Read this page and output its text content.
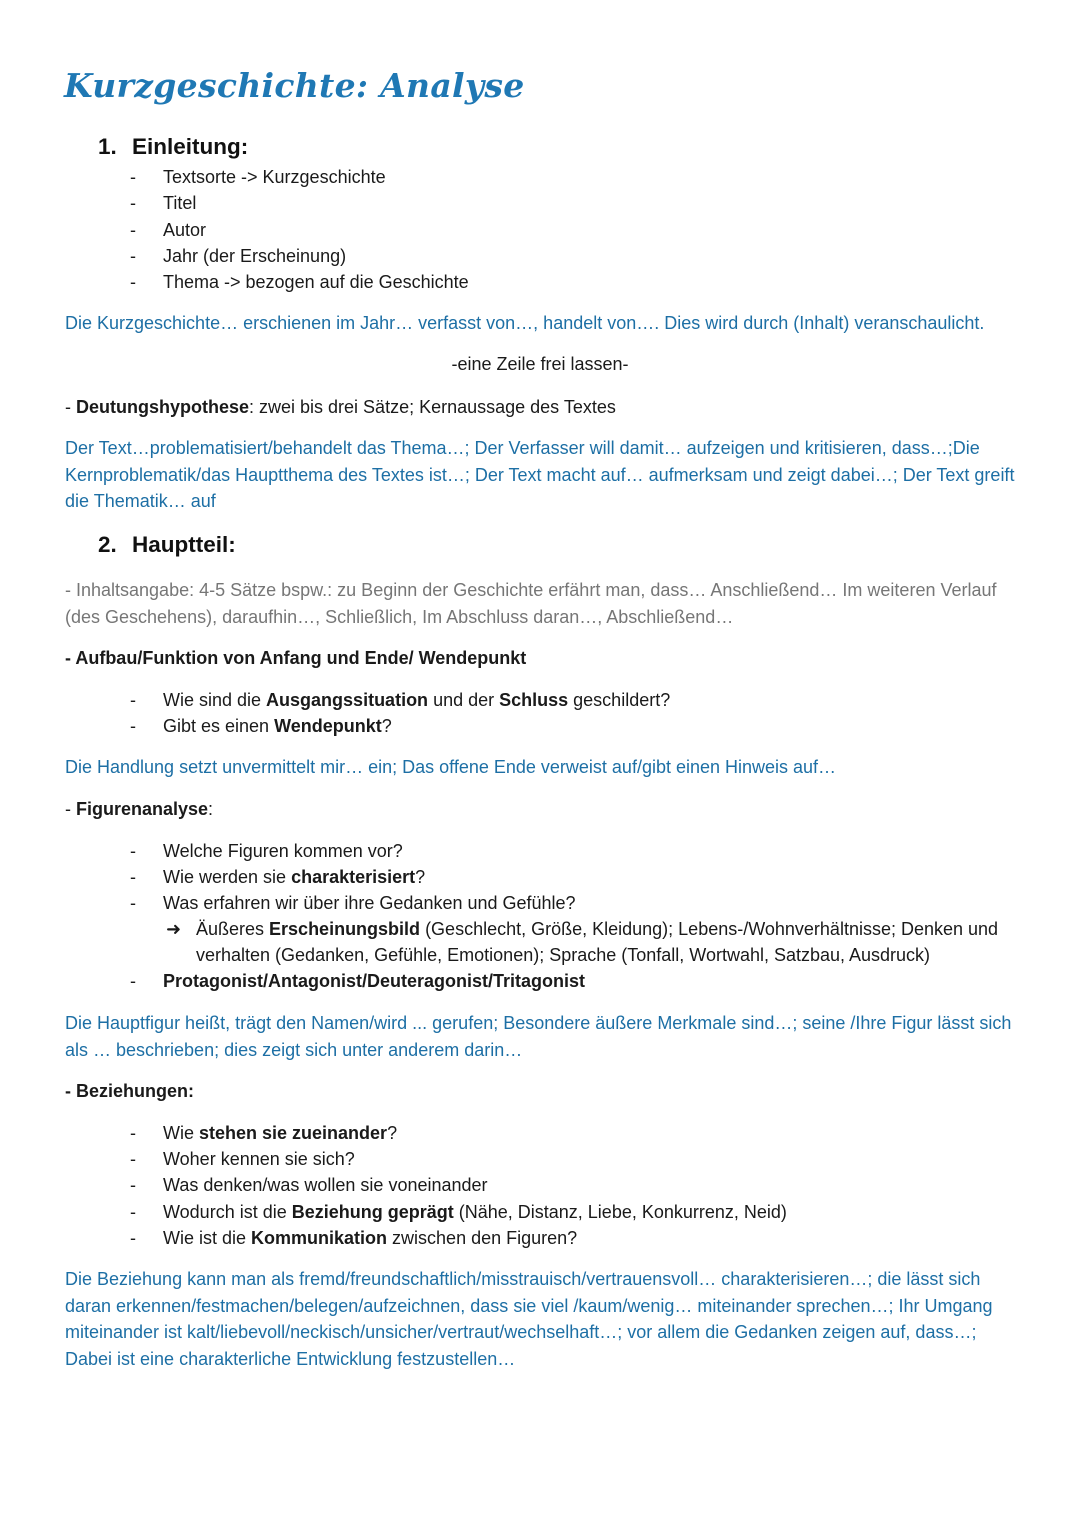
Kurzgeschichte: Analyse
1. Einleitung:
- Textsorte -> Kurzgeschichte
- Titel
- Autor
- Jahr (der Erscheinung)
- Thema -> bezogen auf die Geschichte
Die Kurzgeschichte… erschienen im Jahr… verfasst von…, handelt von…. Dies wird durch (Inhalt) veranschaulicht.
-eine Zeile frei lassen-
- Deutungshypothese: zwei bis drei Sätze; Kernaussage des Textes
Der Text…problematisiert/behandelt das Thema…; Der Verfasser will damit… aufzeigen und kritisieren, dass…;Die Kernproblematik/das Hauptthema des Textes ist…; Der Text macht auf… aufmerksam und zeigt dabei…; Der Text greift die Thematik… auf
2. Hauptteil:
- Inhaltsangabe: 4-5 Sätze bspw.: zu Beginn der Geschichte erfährt man, dass… Anschließend… Im weiteren Verlauf (des Geschehens), daraufhin…, Schließlich, Im Abschluss daran…, Abschließend…
- Aufbau/Funktion von Anfang und Ende/ Wendepunkt
- Wie sind die Ausgangssituation und der Schluss geschildert?
- Gibt es einen Wendepunkt?
Die Handlung setzt unvermittelt mir… ein; Das offene Ende verweist auf/gibt einen Hinweis auf…
- Figurenanalyse:
- Welche Figuren kommen vor?
- Wie werden sie charakterisiert?
- Was erfahren wir über ihre Gedanken und Gefühle?
➜ Äußeres Erscheinungsbild (Geschlecht, Größe, Kleidung); Lebens-/Wohnverhältnisse; Denken und
verhalten (Gedanken, Gefühle, Emotionen); Sprache (Tonfall, Wortwahl, Satzbau, Ausdruck)
- Protagonist/Antagonist/Deuteragonist/Tritagonist
Die Hauptfigur heißt, trägt den Namen/wird ... gerufen; Besondere äußere Merkmale sind…; seine /Ihre Figur lässt sich als … beschrieben; dies zeigt sich unter anderem darin…
- Beziehungen:
- Wie stehen sie zueinander?
- Woher kennen sie sich?
- Was denken/was wollen sie voneinander
- Wodurch ist die Beziehung geprägt (Nähe, Distanz, Liebe, Konkurrenz, Neid)
- Wie ist die Kommunikation zwischen den Figuren?
Die Beziehung kann man als fremd/freundschaftlich/misstrauisch/vertrauensvoll… charakterisieren…; die lässt sich daran erkennen/festmachen/belegen/aufzeichnen, dass sie viel /kaum/wenig… miteinander sprechen…; Ihr Umgang miteinander ist kalt/liebevoll/neckisch/unsicher/vertraut/wechselhaft…; vor allem die Gedanken zeigen auf, dass…; Dabei ist eine charakterliche Entwicklung festzustellen…
